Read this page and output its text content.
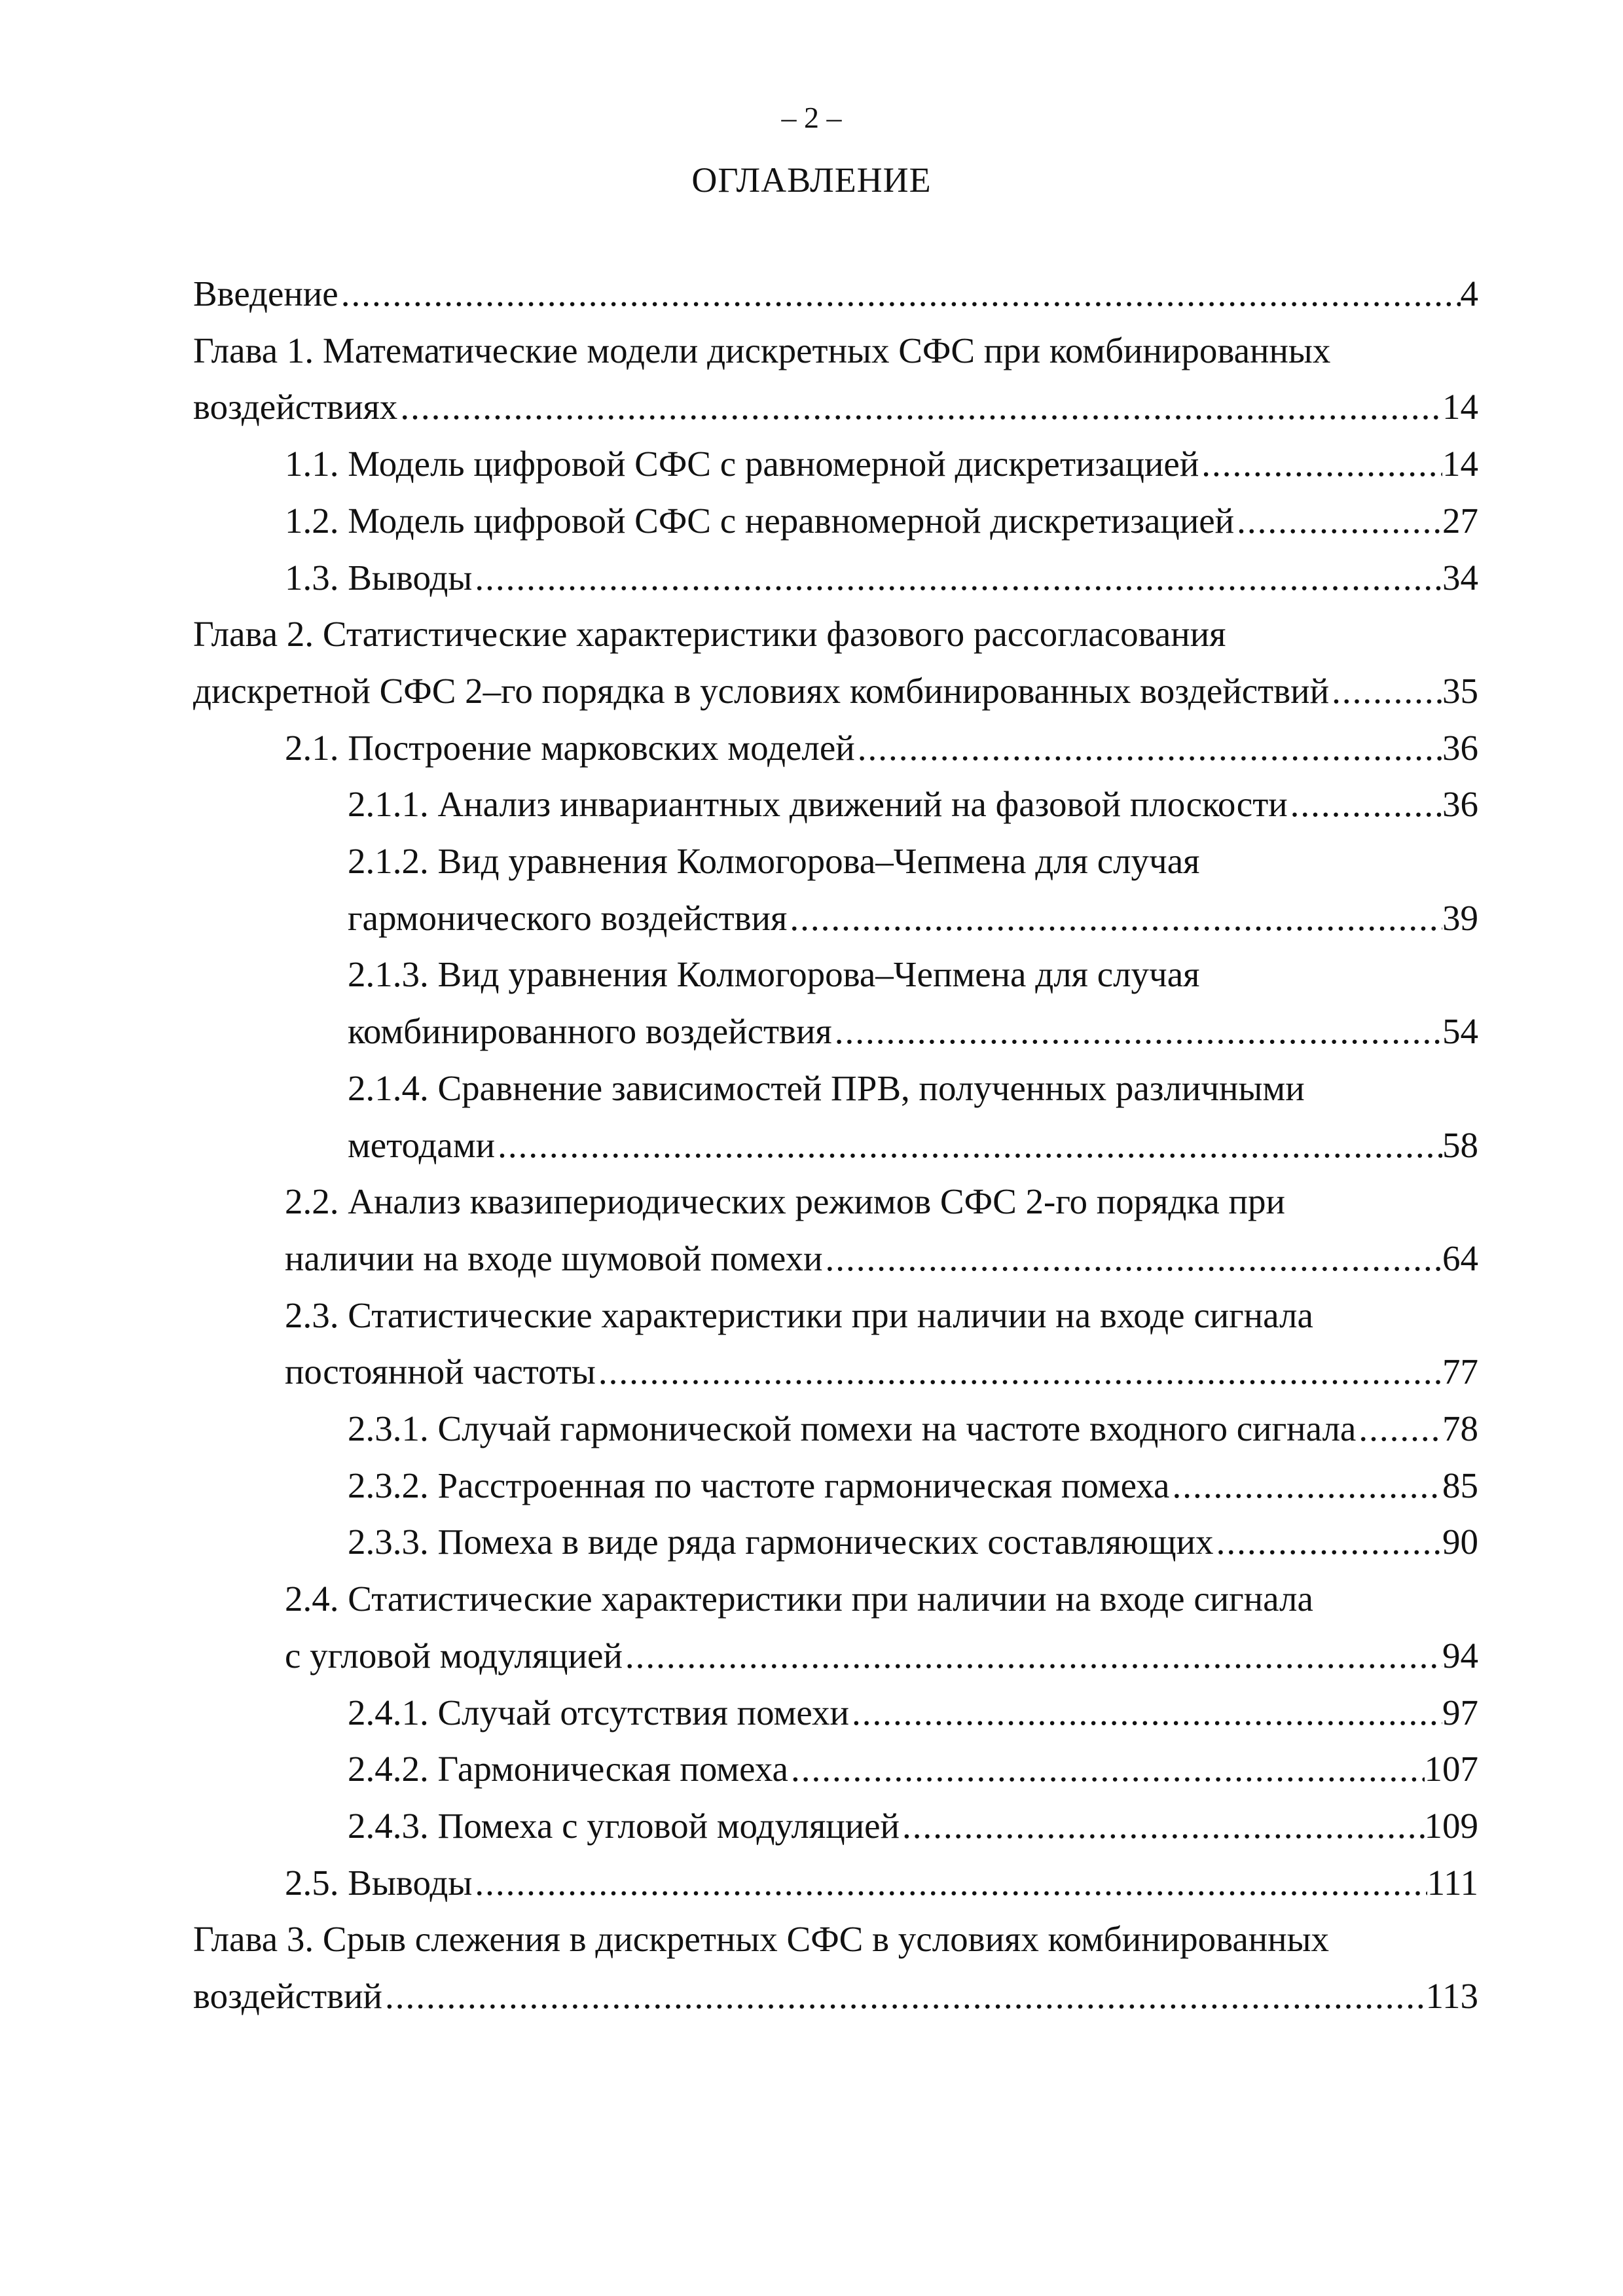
– 2 –
ОГЛАВЛЕНИЕ
Введение .....	4
Глава 1. Математические модели дискретных СФС при комбинированных
воздействиях .....	14
1.1. Модель цифровой СФС с равномерной дискретизацией .....	14
1.2. Модель цифровой СФС с неравномерной дискретизацией .....	27
1.3. Выводы .....	34
Глава 2. Статистические характеристики фазового рассогласования
дискретной СФС 2–го порядка в условиях комбинированных воздействий .....	35
2.1. Построение марковских моделей .....	36
2.1.1. Анализ инвариантных движений на фазовой плоскости .....	36
2.1.2. Вид уравнения Колмогорова–Чепмена для случая
гармонического воздействия .....	39
2.1.3. Вид уравнения Колмогорова–Чепмена для случая
комбинированного воздействия .....	54
2.1.4. Сравнение зависимостей ПРВ, полученных различными
методами .....	58
2.2. Анализ квазипериодических режимов СФС 2-го порядка при
наличии на входе шумовой помехи .....	64
2.3. Статистические характеристики при наличии на входе сигнала
постоянной частоты .....	77
2.3.1. Случай гармонической помехи на частоте входного сигнала ..... 78
2.3.2. Расстроенная по частоте гармоническая помеха .....	85
2.3.3. Помеха в виде ряда гармонических составляющих .....	90
2.4. Статистические характеристики при наличии на входе сигнала
с угловой модуляцией .....	94
2.4.1. Случай отсутствия помехи .....	97
2.4.2. Гармоническая помеха .....	107
2.4.3. Помеха с угловой модуляцией .....	109
2.5. Выводы .....	111
Глава 3. Срыв слежения в дискретных СФС в условиях комбинированных
воздействий .....	113
